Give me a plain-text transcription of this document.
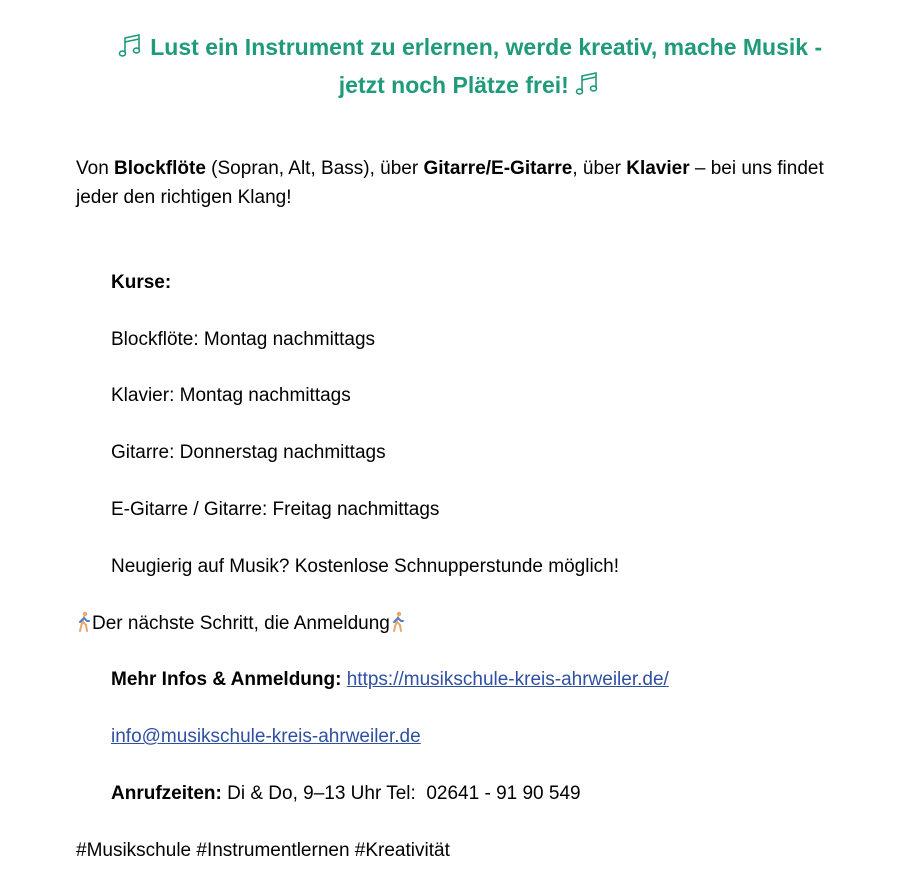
Lust ein Instrument zu erlernen, werde kreativ, mache Musik -
jetzt noch Plätze frei!
Von Blockflöte (Sopran, Alt, Bass), über Gitarre/E-Gitarre, über Klavier – bei uns findet jeder den richtigen Klang!
Kurse:
Blockflöte: Montag nachmittags
Klavier: Montag nachmittags
Gitarre: Donnerstag nachmittags
E-Gitarre / Gitarre: Freitag nachmittags
Neugierig auf Musik? Kostenlose Schnupperstunde möglich!
Der nächste Schritt, die Anmeldung
Mehr Infos & Anmeldung: https://musikschule-kreis-ahrweiler.de/
info@musikschule-kreis-ahrweiler.de
Anrufzeiten: Di & Do, 9–13 Uhr Tel:  02641 - 91 90 549
#Musikschule #Instrumentlernen #Kreativität
